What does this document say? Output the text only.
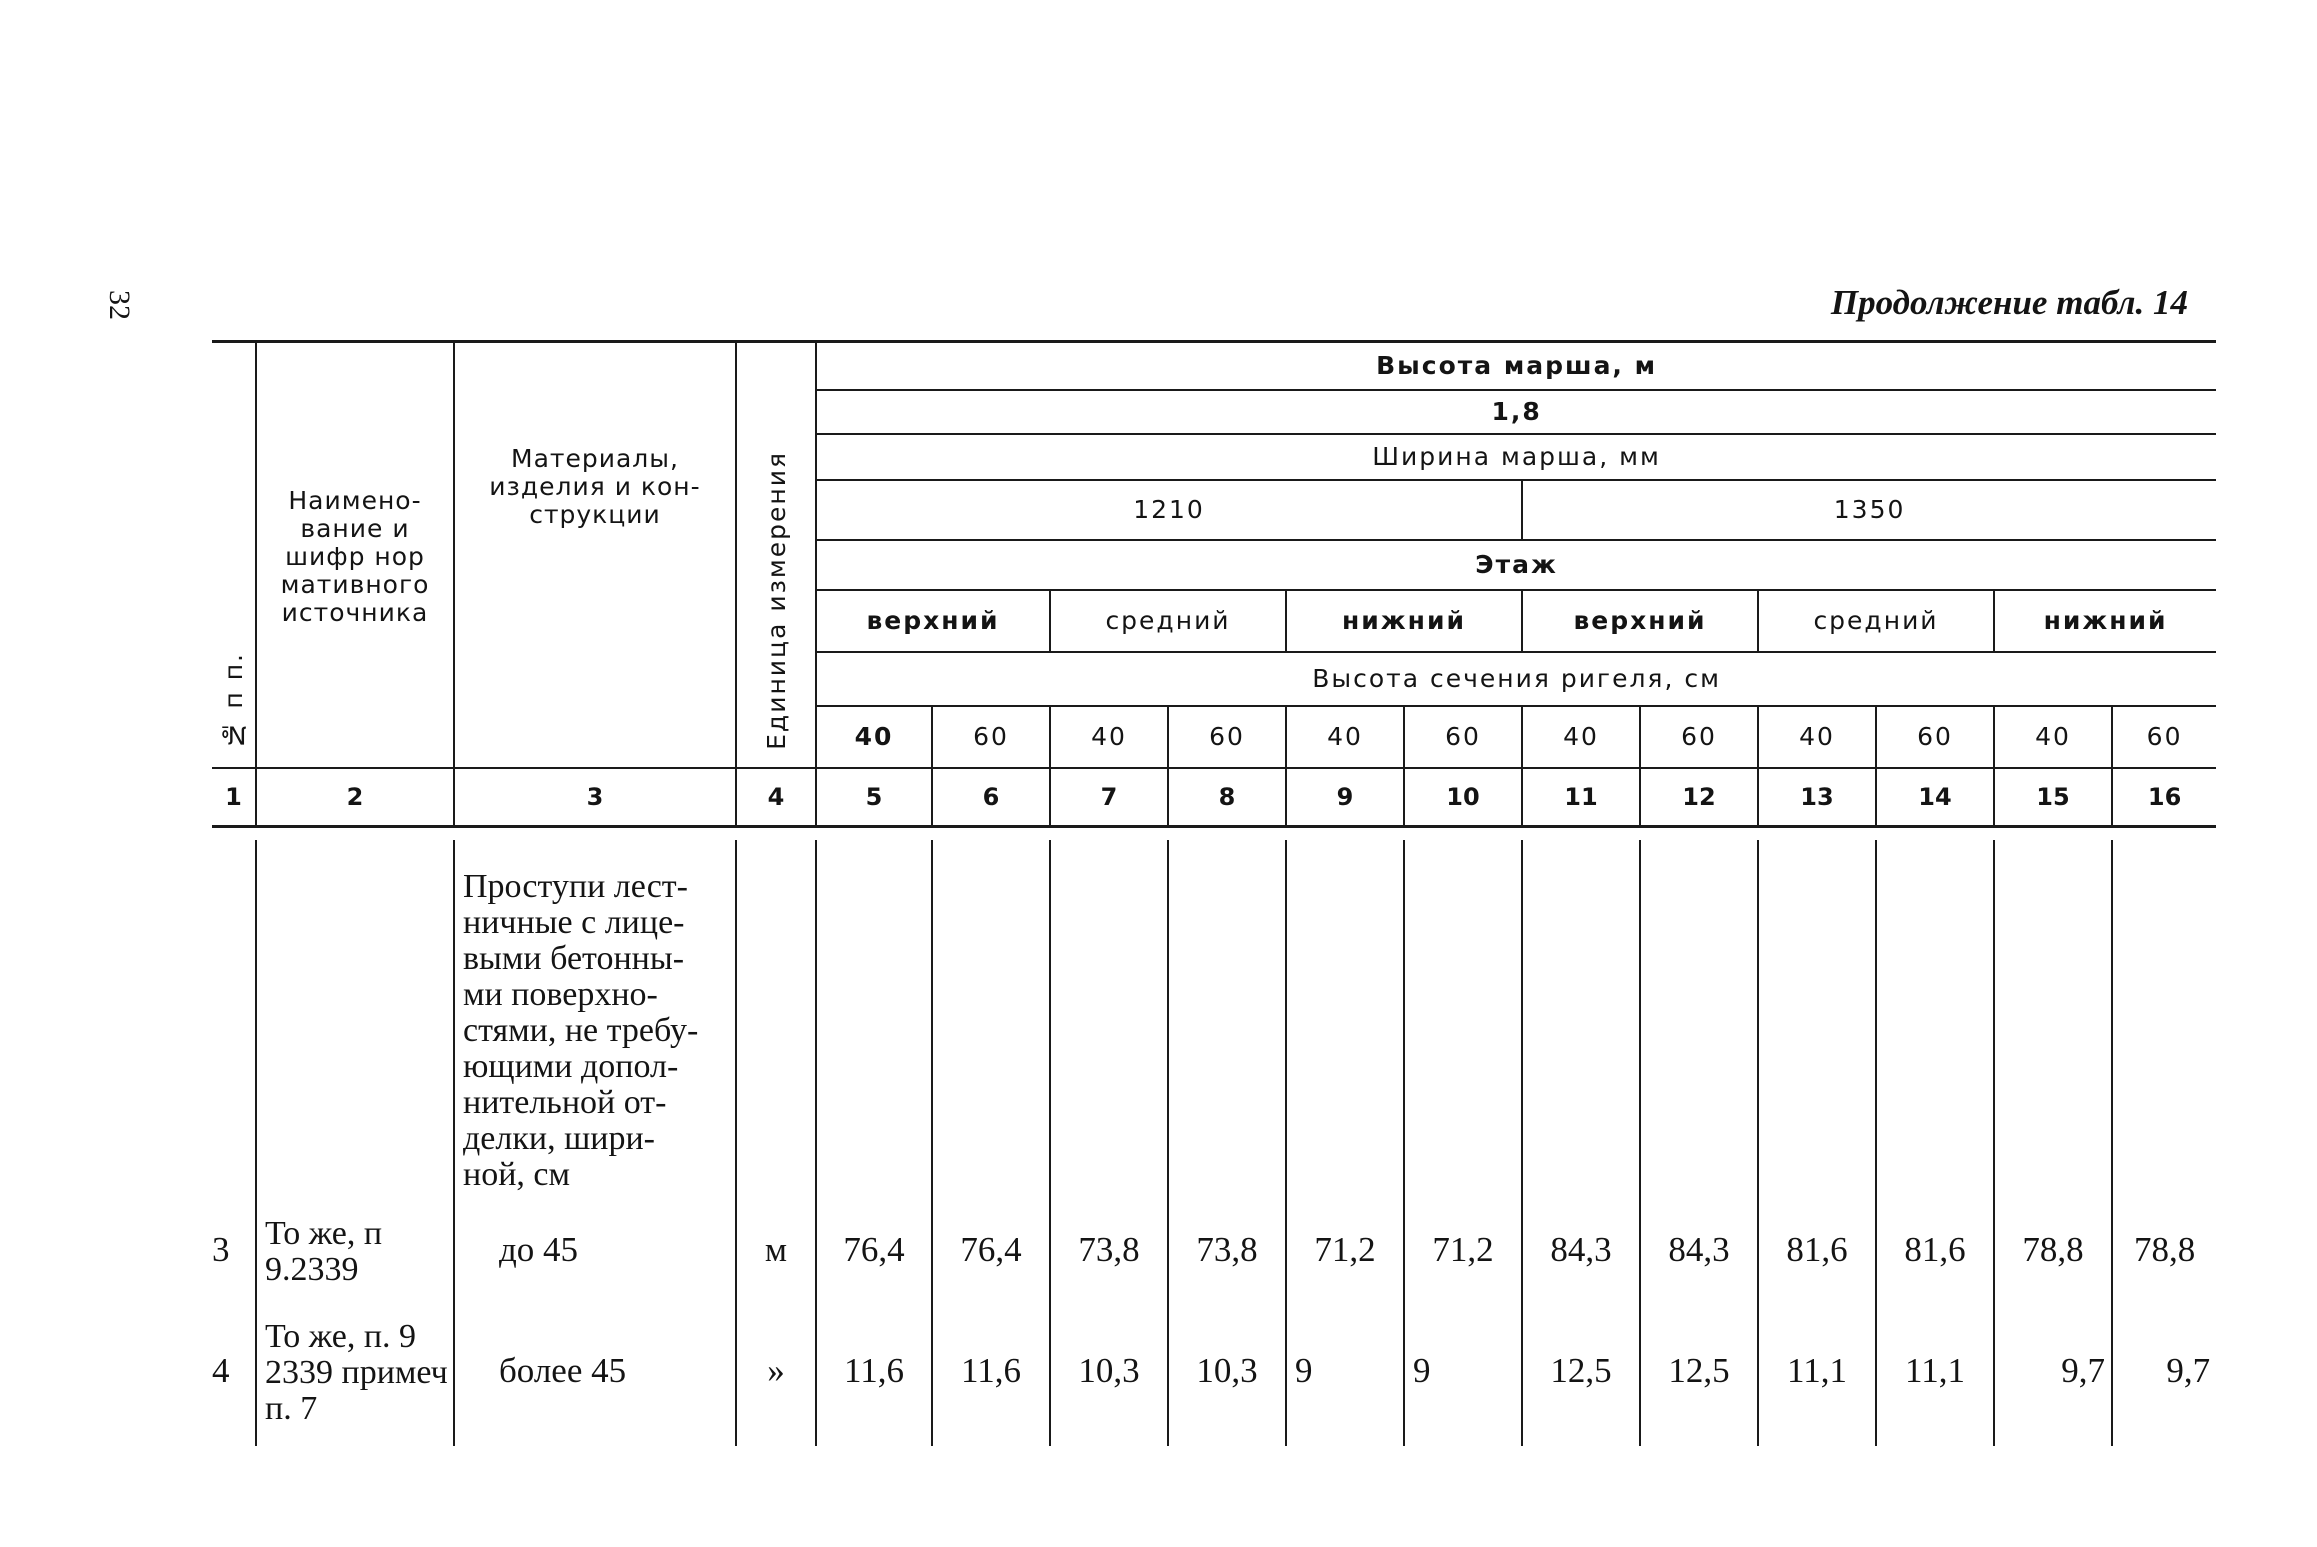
32	Продолжение табл. 14
№ п п.	Наимено- вание и шифр нор мативного источника	Материалы, изделия и кон- струкции	Единица измерения	Высота марша, м											
				1,8											
				Ширина марша, мм											
				1210						1350					
				Этаж											
				верхний		средний		нижний		верхний		средний		нижний	
				Высота сечения ригеля, см											
				40	60	40	60	40	60	40	60	40	60	40	60
1	2	3	4	5	6	7	8	9	10	11	12	13	14	15	16

		Проступи лест- ничные с лице- выми бетонны- ми поверхно- стями, не требу- ющими допол- нительной от- делки, шири- ной, см													
3	То же, п 9.2339	до 45	м	76,4	76,4	73,8	73,8	71,2	71,2	84,3	84,3	81,6	81,6	78,8	78,8
4	То же, п. 9 2339 примеч п. 7	более 45	»	11,6	11,6	10,3	10,3	9	9	12,5	12,5	11,1	11,1	9,7	9,7
